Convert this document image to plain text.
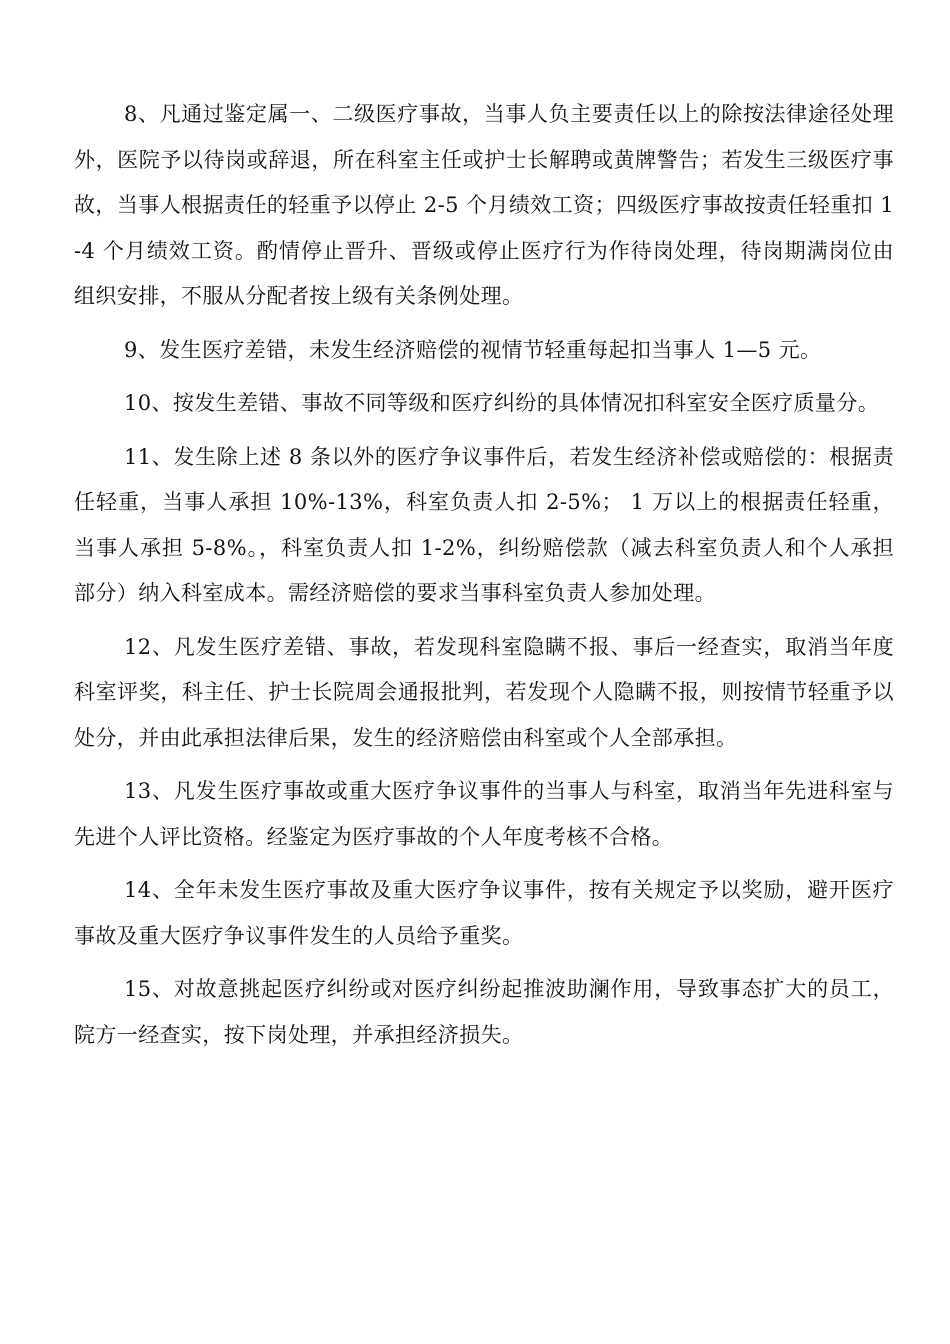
8、凡通过鉴定属一、二级医疗事故，当事人负主要责任以上的除按法律途径处理外，医院予以待岗或辞退，所在科室主任或护士长解聘或黄牌警告；若发生三级医疗事故，当事人根据责任的轻重予以停止 2-5 个月绩效工资；四级医疗事故按责任轻重扣 1 -4 个月绩效工资。酌情停止晋升、晋级或停止医疗行为作待岗处理，待岗期满岗位由组织安排，不服从分配者按上级有关条例处理。

9、发生医疗差错，未发生经济赔偿的视情节轻重每起扣当事人 1—5 元。

10、按发生差错、事故不同等级和医疗纠纷的具体情况扣科室安全医疗质量分。

11、发生除上述 8 条以外的医疗争议事件后，若发生经济补偿或赔偿的：根据责任轻重，当事人承担 10%-13%，科室负责人扣 2-5%； 1 万以上的根据责任轻重，当事人承担 5-8%。，科室负责人扣 1-2%，纠纷赔偿款（减去科室负责人和个人承担部分）纳入科室成本。需经济赔偿的要求当事科室负责人参加处理。

12、凡发生医疗差错、事故，若发现科室隐瞒不报、事后一经查实，取消当年度科室评奖，科主任、护士长院周会通报批判，若发现个人隐瞒不报，则按情节轻重予以处分，并由此承担法律后果，发生的经济赔偿由科室或个人全部承担。

13、凡发生医疗事故或重大医疗争议事件的当事人与科室，取消当年先进科室与先进个人评比资格。经鉴定为医疗事故的个人年度考核不合格。

14、全年未发生医疗事故及重大医疗争议事件，按有关规定予以奖励，避开医疗事故及重大医疗争议事件发生的人员给予重奖。

15、对故意挑起医疗纠纷或对医疗纠纷起推波助澜作用，导致事态扩大的员工，院方一经查实，按下岗处理，并承担经济损失。
